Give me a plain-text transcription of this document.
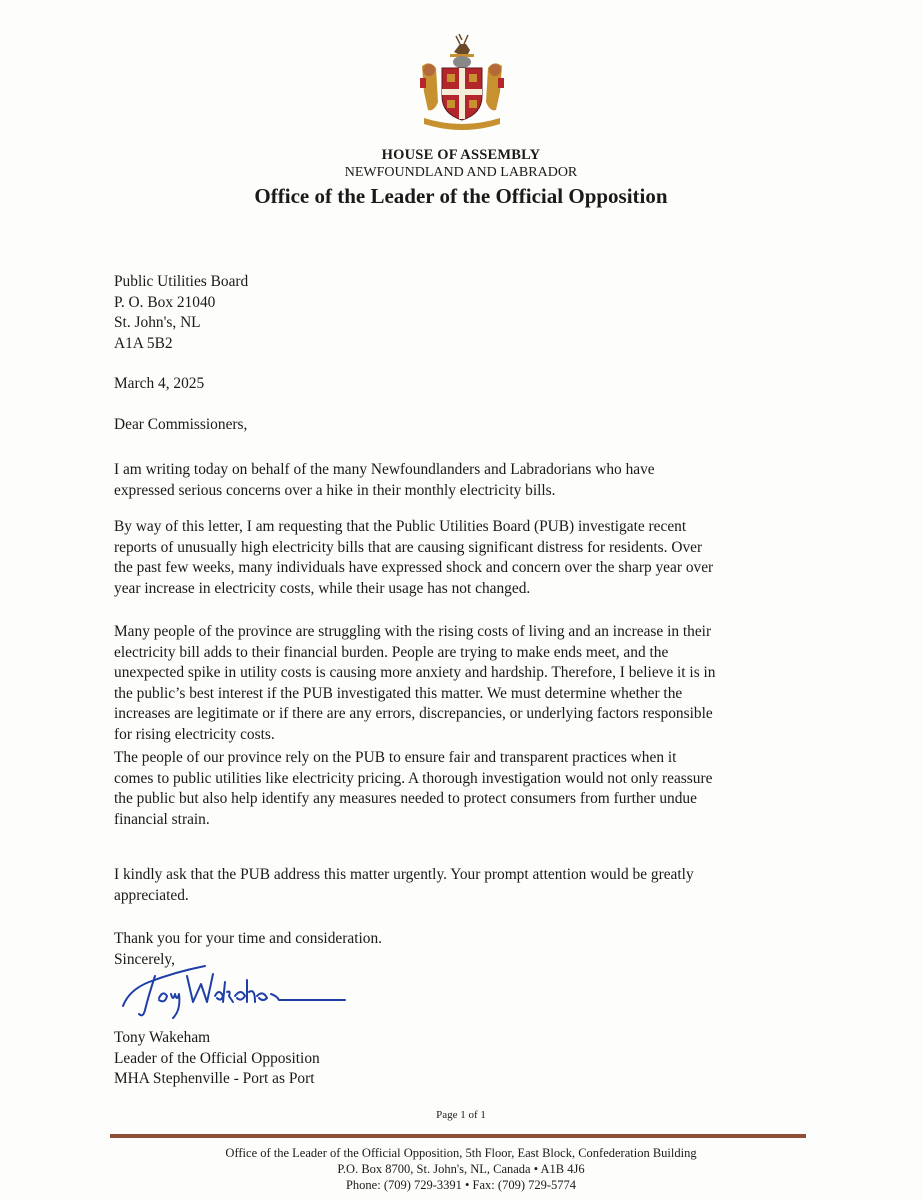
HOUSE OF ASSEMBLY
NEWFOUNDLAND AND LABRADOR
Office of the Leader of the Official Opposition
Public Utilities Board
P. O. Box 21040
St. John's, NL
A1A 5B2
March 4, 2025
Dear Commissioners,
I am writing today on behalf of the many Newfoundlanders and Labradorians who have
expressed serious concerns over a hike in their monthly electricity bills.
By way of this letter, I am requesting that the Public Utilities Board (PUB) investigate recent
reports of unusually high electricity bills that are causing significant distress for residents. Over
the past few weeks, many individuals have expressed shock and concern over the sharp year over
year increase in electricity costs, while their usage has not changed.
Many people of the province are struggling with the rising costs of living and an increase in their
electricity bill adds to their financial burden. People are trying to make ends meet, and the
unexpected spike in utility costs is causing more anxiety and hardship. Therefore, I believe it is in
the public’s best interest if the PUB investigated this matter. We must determine whether the
increases are legitimate or if there are any errors, discrepancies, or underlying factors responsible
for rising electricity costs.
The people of our province rely on the PUB to ensure fair and transparent practices when it
comes to public utilities like electricity pricing. A thorough investigation would not only reassure
the public but also help identify any measures needed to protect consumers from further undue
financial strain.
I kindly ask that the PUB address this matter urgently. Your prompt attention would be greatly
appreciated.
Thank you for your time and consideration.
Sincerely,
Tony Wakeham
Leader of the Official Opposition
MHA Stephenville - Port as Port
Page 1 of 1
Office of the Leader of the Official Opposition, 5th Floor, East Block, Confederation Building
P.O. Box 8700, St. John's, NL, Canada • A1B 4J6
Phone: (709) 729-3391 • Fax: (709) 729-5774
